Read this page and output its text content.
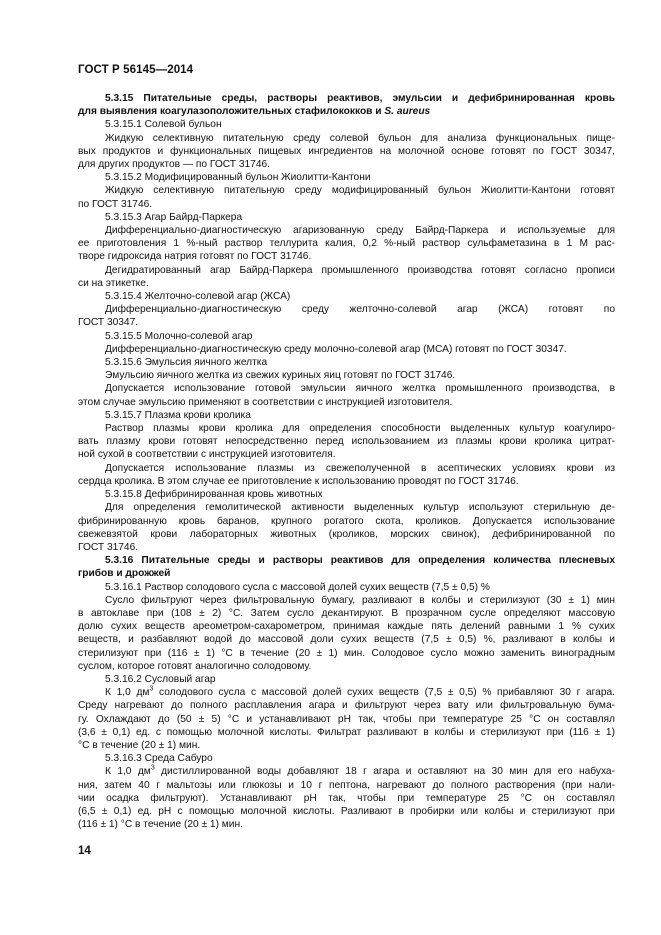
ГОСТ Р 56145—2014

5.3.15 Питательные среды, растворы реактивов, эмульсии и дефибринированная кровь

для выявления коагулазоположительных стафилококков и S. aureus

5.3.15.1 Солевой бульон

Жидкую селективную питательную среду солевой бульон для анализа функциональных пище-

вых продуктов и функциональных пищевых ингредиентов на молочной основе готовят по ГОСТ 30347,

для других продуктов — по ГОСТ 31746.

5.3.15.2 Модифицированный бульон Жиолитти-Кантони

Жидкую селективную питательную среду модифицированный бульон Жиолитти-Кантони готовят

по ГОСТ 31746.

5.3.15.3 Агар Байрд-Паркера

Дифференциально-диагностическую агаризованную среду Байрд-Паркера и используемые для

ее приготовления 1 %-ный раствор теллурита калия, 0,2 %-ный раствор сульфаметазина в 1 М рас-

творе гидроксида натрия готовят по ГОСТ 31746.

Дегидратированный агар Байрд-Паркера промышленного производства готовят согласно прописи

си на этикетке.

5.3.15.4 Желточно-солевой агар (ЖСА)

Дифференциально-диагностическую среду желточно-солевой агар (ЖСА) готовят по

ГОСТ 30347.

5.3.15.5 Молочно-солевой агар

Дифференциально-диагностическую среду молочно-солевой агар (МСА) готовят по ГОСТ 30347.

5.3.15.6 Эмульсия яичного желтка

Эмульсию яичного желтка из свежих куриных яиц готовят по ГОСТ 31746.

Допускается использование готовой эмульсии яичного желтка промышленного производства, в

этом случае эмульсию применяют в соответствии с инструкцией изготовителя.

5.3.15.7 Плазма крови кролика

Раствор плазмы крови кролика для определения способности выделенных культур коагулиро-

вать плазму крови готовят непосредственно перед использованием из плазмы крови кролика цитрат-

ной сухой в соответствии с инструкцией изготовителя.

Допускается использование плазмы из свежеполученной в асептических условиях крови из

сердца кролика. В этом случае ее приготовление к использованию проводят по ГОСТ 31746.

5.3.15.8 Дефибринированная кровь животных

Для определения гемолитической активности выделенных культур используют стерильную де-

фибринированную кровь баранов, крупного рогатого скота, кроликов. Допускается использование

свежевзятой крови лабораторных животных (кроликов, морских свинок), дефибринированной по

ГОСТ 31746.

5.3.16 Питательные среды и растворы реактивов для определения количества плесневых

грибов и дрожжей

5.3.16.1 Раствор солодового сусла с массовой долей сухих веществ (7,5 ± 0,5) %

Сусло фильтруют через фильтровальную бумагу, разливают в колбы и стерилизуют (30 ± 1) мин

в автоклаве при (108 ± 2) °С. Затем сусло декантируют. В прозрачном сусле определяют массовую

долю сухих веществ ареометром-сахарометром, принимая каждые пять делений равными 1 % сухих

веществ, и разбавляют водой до массовой доли сухих веществ (7,5 ± 0,5) %, разливают в колбы и

стерилизуют при (116 ± 1) °С в течение (20 ± 1) мин. Солодовое сусло можно заменить виноградным

суслом, которое готовят аналогично солодовому.

5.3.16.2 Сусловый агар

К 1,0 $дм^3$ солодового сусла с массовой долей сухих веществ (7,5 ± 0,5) % прибавляют 30 г агара.

Среду нагревают до полного расплавления агара и фильтруют через вату или фильтровальную бума-

гу. Охлаждают до (50 ± 5) °С и устанавливают рН так, чтобы при температуре 25 °С он составлял

(3,6 ± 0,1) ед. с помощью молочной кислоты. Фильтрат разливают в колбы и стерилизуют при (116 ± 1)

°С в течение (20 ± 1) мин.

5.3.16.3 Среда Сабуро

К 1,0 $дм^3$ дистиллированной воды добавляют 18 г агара и оставляют на 30 мин для его набуха-

ния, затем 40 г мальтозы или глюкозы и 10 г пептона, нагревают до полного растворения (при нали-

чии осадка фильтруют). Устанавливают рН так, чтобы при температуре 25 °С он составлял

(6,5 ± 0,1) ед. рН с помощью молочной кислоты. Разливают в пробирки или колбы и стерилизуют при

(116 ± 1) °С в течение (20 ± 1) мин.

14
